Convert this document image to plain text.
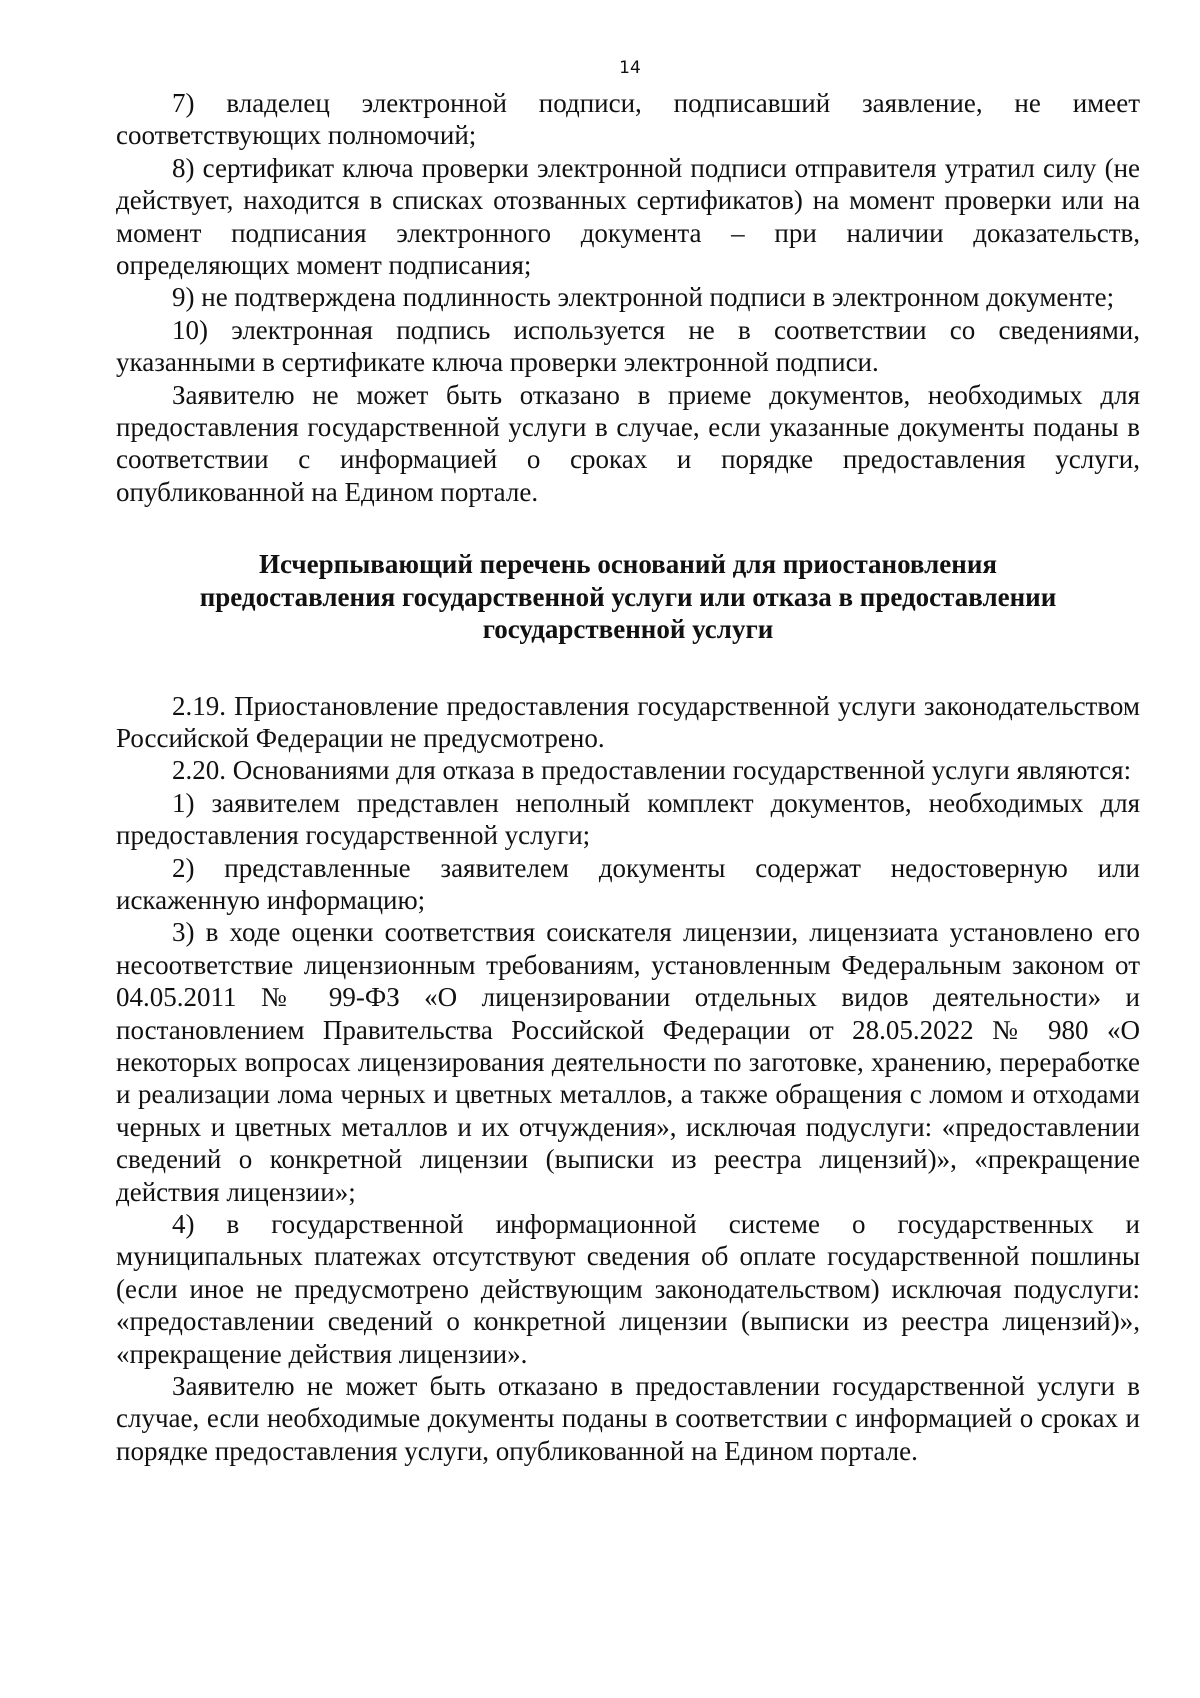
14

7) владелец электронной подписи, подписавший заявление, не имеет соответствующих полномочий;

8) сертификат ключа проверки электронной подписи отправителя утратил силу (не действует, находится в списках отозванных сертификатов) на момент проверки или на момент подписания электронного документа – при наличии доказательств, определяющих момент подписания;

9) не подтверждена подлинность электронной подписи в электронном документе;

10) электронная подпись используется не в соответствии со сведениями, указанными в сертификате ключа проверки электронной подписи.

Заявителю не может быть отказано в приеме документов, необходимых для предоставления государственной услуги в случае, если указанные документы поданы в соответствии с информацией о сроках и порядке предоставления услуги, опубликованной на Едином портале.

Исчерпывающий перечень оснований для приостановления
предоставления государственной услуги или отказа в предоставлении
государственной услуги

2.19. Приостановление предоставления государственной услуги законодательством Российской Федерации не предусмотрено.

2.20. Основаниями для отказа в предоставлении государственной услуги являются:

1) заявителем представлен неполный комплект документов, необходимых для предоставления государственной услуги;

2) представленные заявителем документы содержат недостоверную или искаженную информацию;

3) в ходе оценки соответствия соискателя лицензии, лицензиата установлено его несоответствие лицензионным требованиям, установленным Федеральным законом от 04.05.2011 № 99-ФЗ «О лицензировании отдельных видов деятельности» и постановлением Правительства Российской Федерации от 28.05.2022 № 980 «О некоторых вопросах лицензирования деятельности по заготовке, хранению, переработке и реализации лома черных и цветных металлов, а также обращения с ломом и отходами черных и цветных металлов и их отчуждения», исключая подуслуги: «предоставлении сведений о конкретной лицензии (выписки из реестра лицензий)», «прекращение действия лицензии»;

4) в государственной информационной системе о государственных и муниципальных платежах отсутствуют сведения об оплате государственной пошлины (если иное не предусмотрено действующим законодательством) исключая подуслуги: «предоставлении сведений о конкретной лицензии (выписки из реестра лицензий)», «прекращение действия лицензии».

Заявителю не может быть отказано в предоставлении государственной услуги в случае, если необходимые документы поданы в соответствии с информацией о сроках и порядке предоставления услуги, опубликованной на Едином портале.
